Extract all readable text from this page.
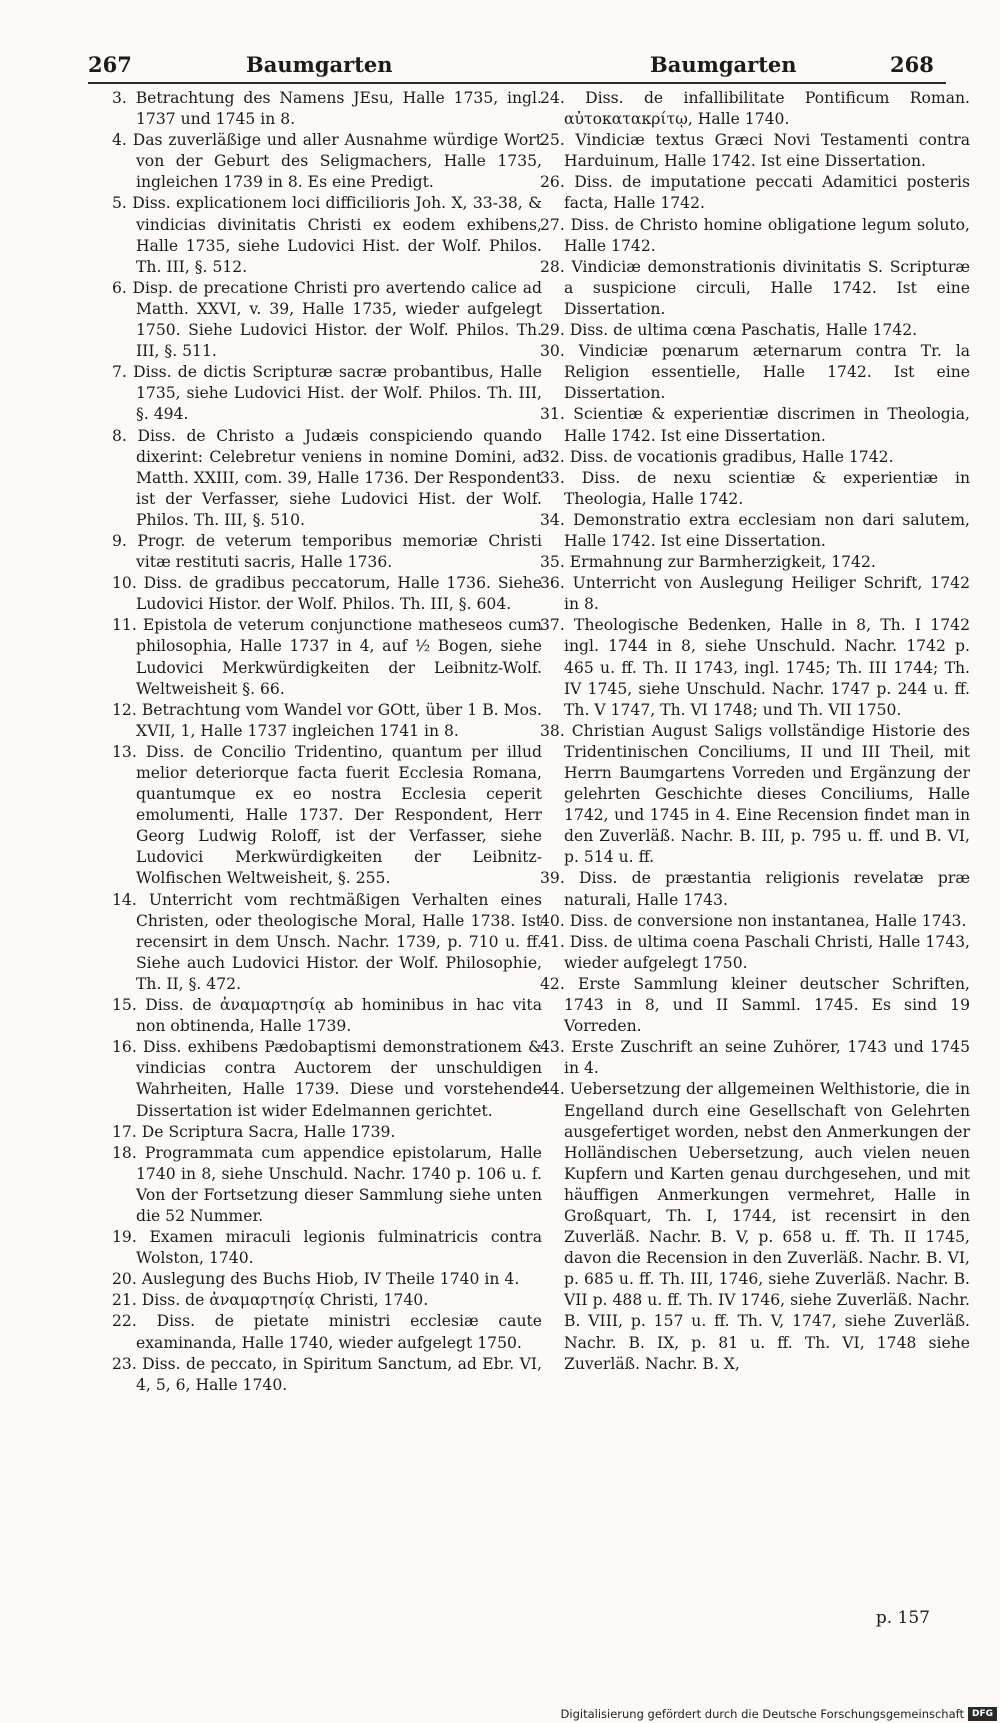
267	Baumgarten	Baumgarten	268

3. Betrachtung des Namens JEsu, Halle 1735, ingl. 1737 und 1745 in 8.

4. Das zuverläßige und aller Ausnahme würdige Wort von der Geburt des Seligmachers, Halle 1735, ingleichen 1739 in 8. Es eine Predigt.

5. Diss. explicationem loci difficilioris Joh. X, 33-38, & vindicias divinitatis Christi ex eodem exhibens, Halle 1735, siehe Ludovici Hist. der Wolf. Philos. Th. III, §. 512.

6. Disp. de precatione Christi pro avertendo calice ad Matth. XXVI, v. 39, Halle 1735, wieder aufgelegt 1750. Siehe Ludovici Histor. der Wolf. Philos. Th. III, §. 511.

7. Diss. de dictis Scripturæ sacræ probantibus, Halle 1735, siehe Ludovici Hist. der Wolf. Philos. Th. III, §. 494.

8. Diss. de Christo a Judæis conspiciendo quando dixerint: Celebretur veniens in nomine Domini, ad Matth. XXIII, com. 39, Halle 1736. Der Respondent ist der Verfasser, siehe Ludovici Hist. der Wolf. Philos. Th. III, §. 510.

9. Progr. de veterum temporibus memoriæ Christi vitæ restituti sacris, Halle 1736.

10. Diss. de gradibus peccatorum, Halle 1736. Siehe Ludovici Histor. der Wolf. Philos. Th. III, §. 604.

11. Epistola de veterum conjunctione matheseos cum philosophia, Halle 1737 in 4, auf ½ Bogen, siehe Ludovici Merkwürdigkeiten der Leibnitz-Wolf. Weltweisheit §. 66.

12. Betrachtung vom Wandel vor GOtt, über 1 B. Mos. XVII, 1, Halle 1737 ingleichen 1741 in 8.

13. Diss. de Concilio Tridentino, quantum per illud melior deteriorque facta fuerit Ecclesia Romana, quantumque ex eo nostra Ecclesia ceperit emolumenti, Halle 1737. Der Respondent, Herr Georg Ludwig Roloff, ist der Verfasser, siehe Ludovici Merkwürdigkeiten der Leibnitz-Wolfischen Weltweisheit, §. 255.

14. Unterricht vom rechtmäßigen Verhalten eines Christen, oder theologische Moral, Halle 1738. Ist recensirt in dem Unsch. Nachr. 1739, p. 710 u. ff. Siehe auch Ludovici Histor. der Wolf. Philosophie, Th. II, §. 472.

15. Diss. de ἀναμαρτησίᾳ ab hominibus in hac vita non obtinenda, Halle 1739.

16. Diss. exhibens Pædobaptismi demonstrationem & vindicias contra Auctorem der unschuldigen Wahrheiten, Halle 1739. Diese und vorstehende Dissertation ist wider Edelmannen gerichtet.

17. De Scriptura Sacra, Halle 1739.

18. Programmata cum appendice epistolarum, Halle 1740 in 8, siehe Unschuld. Nachr. 1740 p. 106 u. f. Von der Fortsetzung dieser Sammlung siehe unten die 52 Nummer.

19. Examen miraculi legionis fulminatricis contra Wolston, 1740.

20. Auslegung des Buchs Hiob, IV Theile 1740 in 4.

21. Diss. de ἀναμαρτησίᾳ Christi, 1740.

22. Diss. de pietate ministri ecclesiæ caute examinanda, Halle 1740, wieder aufgelegt 1750.

23. Diss. de peccato, in Spiritum Sanctum, ad Ebr. VI, 4, 5, 6, Halle 1740.

24. Diss. de infallibilitate Pontificum Roman. αὐτοκατακρίτῳ, Halle 1740.

25. Vindiciæ textus Græci Novi Testamenti contra Harduinum, Halle 1742. Ist eine Dissertation.

26. Diss. de imputatione peccati Adamitici posteris facta, Halle 1742.

27. Diss. de Christo homine obligatione legum soluto, Halle 1742.

28. Vindiciæ demonstrationis divinitatis S. Scripturæ a suspicione circuli, Halle 1742. Ist eine Dissertation.

29. Diss. de ultima cœna Paschatis, Halle 1742.

30. Vindiciæ pœnarum æternarum contra Tr. la Religion essentielle, Halle 1742. Ist eine Dissertation.

31. Scientiæ & experientiæ discrimen in Theologia, Halle 1742. Ist eine Dissertation.

32. Diss. de vocationis gradibus, Halle 1742.

33. Diss. de nexu scientiæ & experientiæ in Theologia, Halle 1742.

34. Demonstratio extra ecclesiam non dari salutem, Halle 1742. Ist eine Dissertation.

35. Ermahnung zur Barmherzigkeit, 1742.

36. Unterricht von Auslegung Heiliger Schrift, 1742 in 8.

37. Theologische Bedenken, Halle in 8, Th. I 1742 ingl. 1744 in 8, siehe Unschuld. Nachr. 1742 p. 465 u. ff. Th. II 1743, ingl. 1745; Th. III 1744; Th. IV 1745, siehe Unschuld. Nachr. 1747 p. 244 u. ff. Th. V 1747, Th. VI 1748; und Th. VII 1750.

38. Christian August Saligs vollständige Historie des Tridentinischen Conciliums, II und III Theil, mit Herrn Baumgartens Vorreden und Ergänzung der gelehrten Geschichte dieses Conciliums, Halle 1742, und 1745 in 4. Eine Recension findet man in den Zuverläß. Nachr. B. III, p. 795 u. ff. und B. VI, p. 514 u. ff.

39. Diss. de præstantia religionis revelatæ præ naturali, Halle 1743.

40. Diss. de conversione non instantanea, Halle 1743.

41. Diss. de ultima coena Paschali Christi, Halle 1743, wieder aufgelegt 1750.

42. Erste Sammlung kleiner deutscher Schriften, 1743 in 8, und II Samml. 1745. Es sind 19 Vorreden.

43. Erste Zuschrift an seine Zuhörer, 1743 und 1745 in 4.

44. Uebersetzung der allgemeinen Welthistorie, die in Engelland durch eine Gesellschaft von Gelehrten ausgefertiget worden, nebst den Anmerkungen der Holländischen Uebersetzung, auch vielen neuen Kupfern und Karten genau durchgesehen, und mit häuffigen Anmerkungen vermehret, Halle in Großquart, Th. I, 1744, ist recensirt in den Zuverläß. Nachr. B. V, p. 658 u. ff. Th. II 1745, davon die Recension in den Zuverläß. Nachr. B. VI, p. 685 u. ff. Th. III, 1746, siehe Zuverläß. Nachr. B. VII p. 488 u. ff. Th. IV 1746, siehe Zuverläß. Nachr. B. VIII, p. 157 u. ff. Th. V, 1747, siehe Zuverläß. Nachr. B. IX, p. 81 u. ff. Th. VI, 1748 siehe Zuverläß. Nachr. B. X,

p. 157
Digitalisierung gefördert durch die Deutsche Forschungsgemeinschaft DFG
